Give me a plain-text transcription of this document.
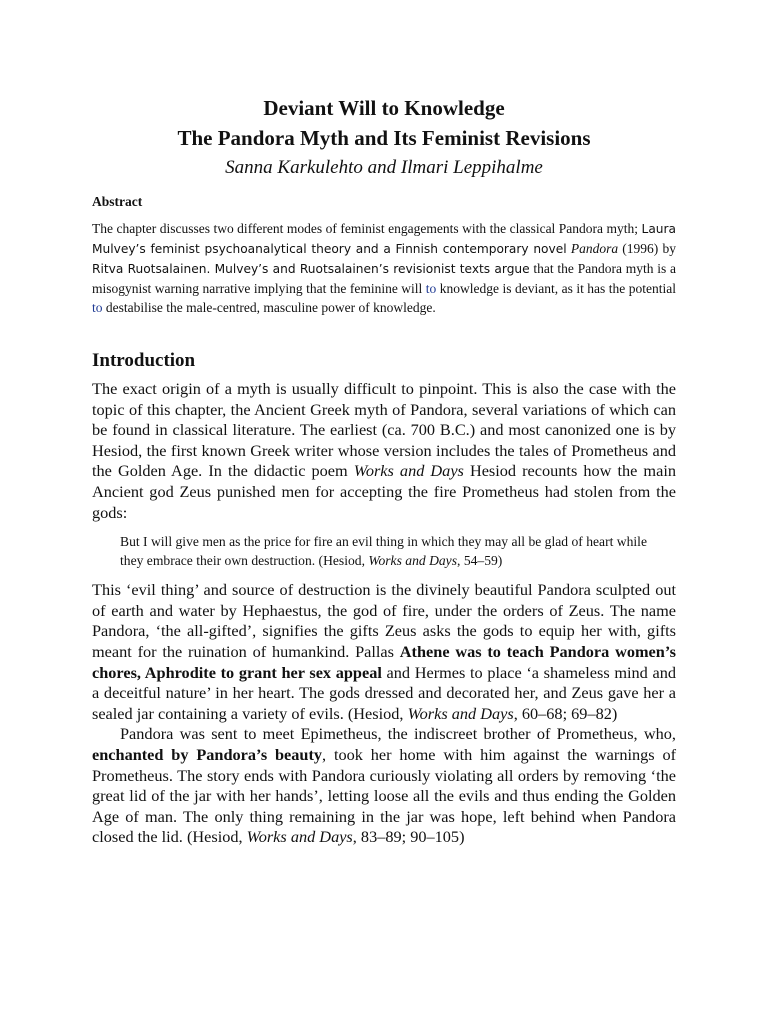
Deviant Will to Knowledge
The Pandora Myth and Its Feminist Revisions

Sanna Karkulehto and Ilmari Leppihalme

Abstract

The chapter discusses two different modes of feminist engagements with the classical Pandora myth; Laura Mulvey’s feminist psychoanalytical theory and a Finnish contemporary novel Pandora (1996) by Ritva Ruotsalainen. Mulvey’s and Ruotsalainen’s revisionist texts argue that the Pandora myth is a misogynist warning narrative implying that the feminine will to knowledge is deviant, as it has the potential to destabilise the male-centred, masculine power of knowledge.

Introduction

The exact origin of a myth is usually difficult to pinpoint. This is also the case with the topic of this chapter, the Ancient Greek myth of Pandora, several variations of which can be found in classical literature. The earliest (ca. 700 B.C.) and most canonized one is by Hesiod, the first known Greek writer whose version includes the tales of Prometheus and the Golden Age. In the didactic poem Works and Days Hesiod recounts how the main Ancient god Zeus punished men for accepting the fire Prometheus had stolen from the gods:

But I will give men as the price for fire an evil thing in which they may all be glad of heart while they embrace their own destruction. (Hesiod, Works and Days, 54–59)

This ‘evil thing’ and source of destruction is the divinely beautiful Pandora sculpted out of earth and water by Hephaestus, the god of fire, under the orders of Zeus. The name Pandora, ‘the all-gifted’, signifies the gifts Zeus asks the gods to equip her with, gifts meant for the ruination of humankind. Pallas Athene was to teach Pandora women’s chores, Aphrodite to grant her sex appeal and Hermes to place ‘a shameless mind and a deceitful nature’ in her heart. The gods dressed and decorated her, and Zeus gave her a sealed jar containing a variety of evils. (Hesiod, Works and Days, 60–68; 69–82)

Pandora was sent to meet Epimetheus, the indiscreet brother of Prometheus, who, enchanted by Pandora’s beauty, took her home with him against the warnings of Prometheus. The story ends with Pandora curiously violating all orders by removing ‘the great lid of the jar with her hands’, letting loose all the evils and thus ending the Golden Age of man. The only thing remaining in the jar was hope, left behind when Pandora closed the lid. (Hesiod, Works and Days, 83–89; 90–105)
